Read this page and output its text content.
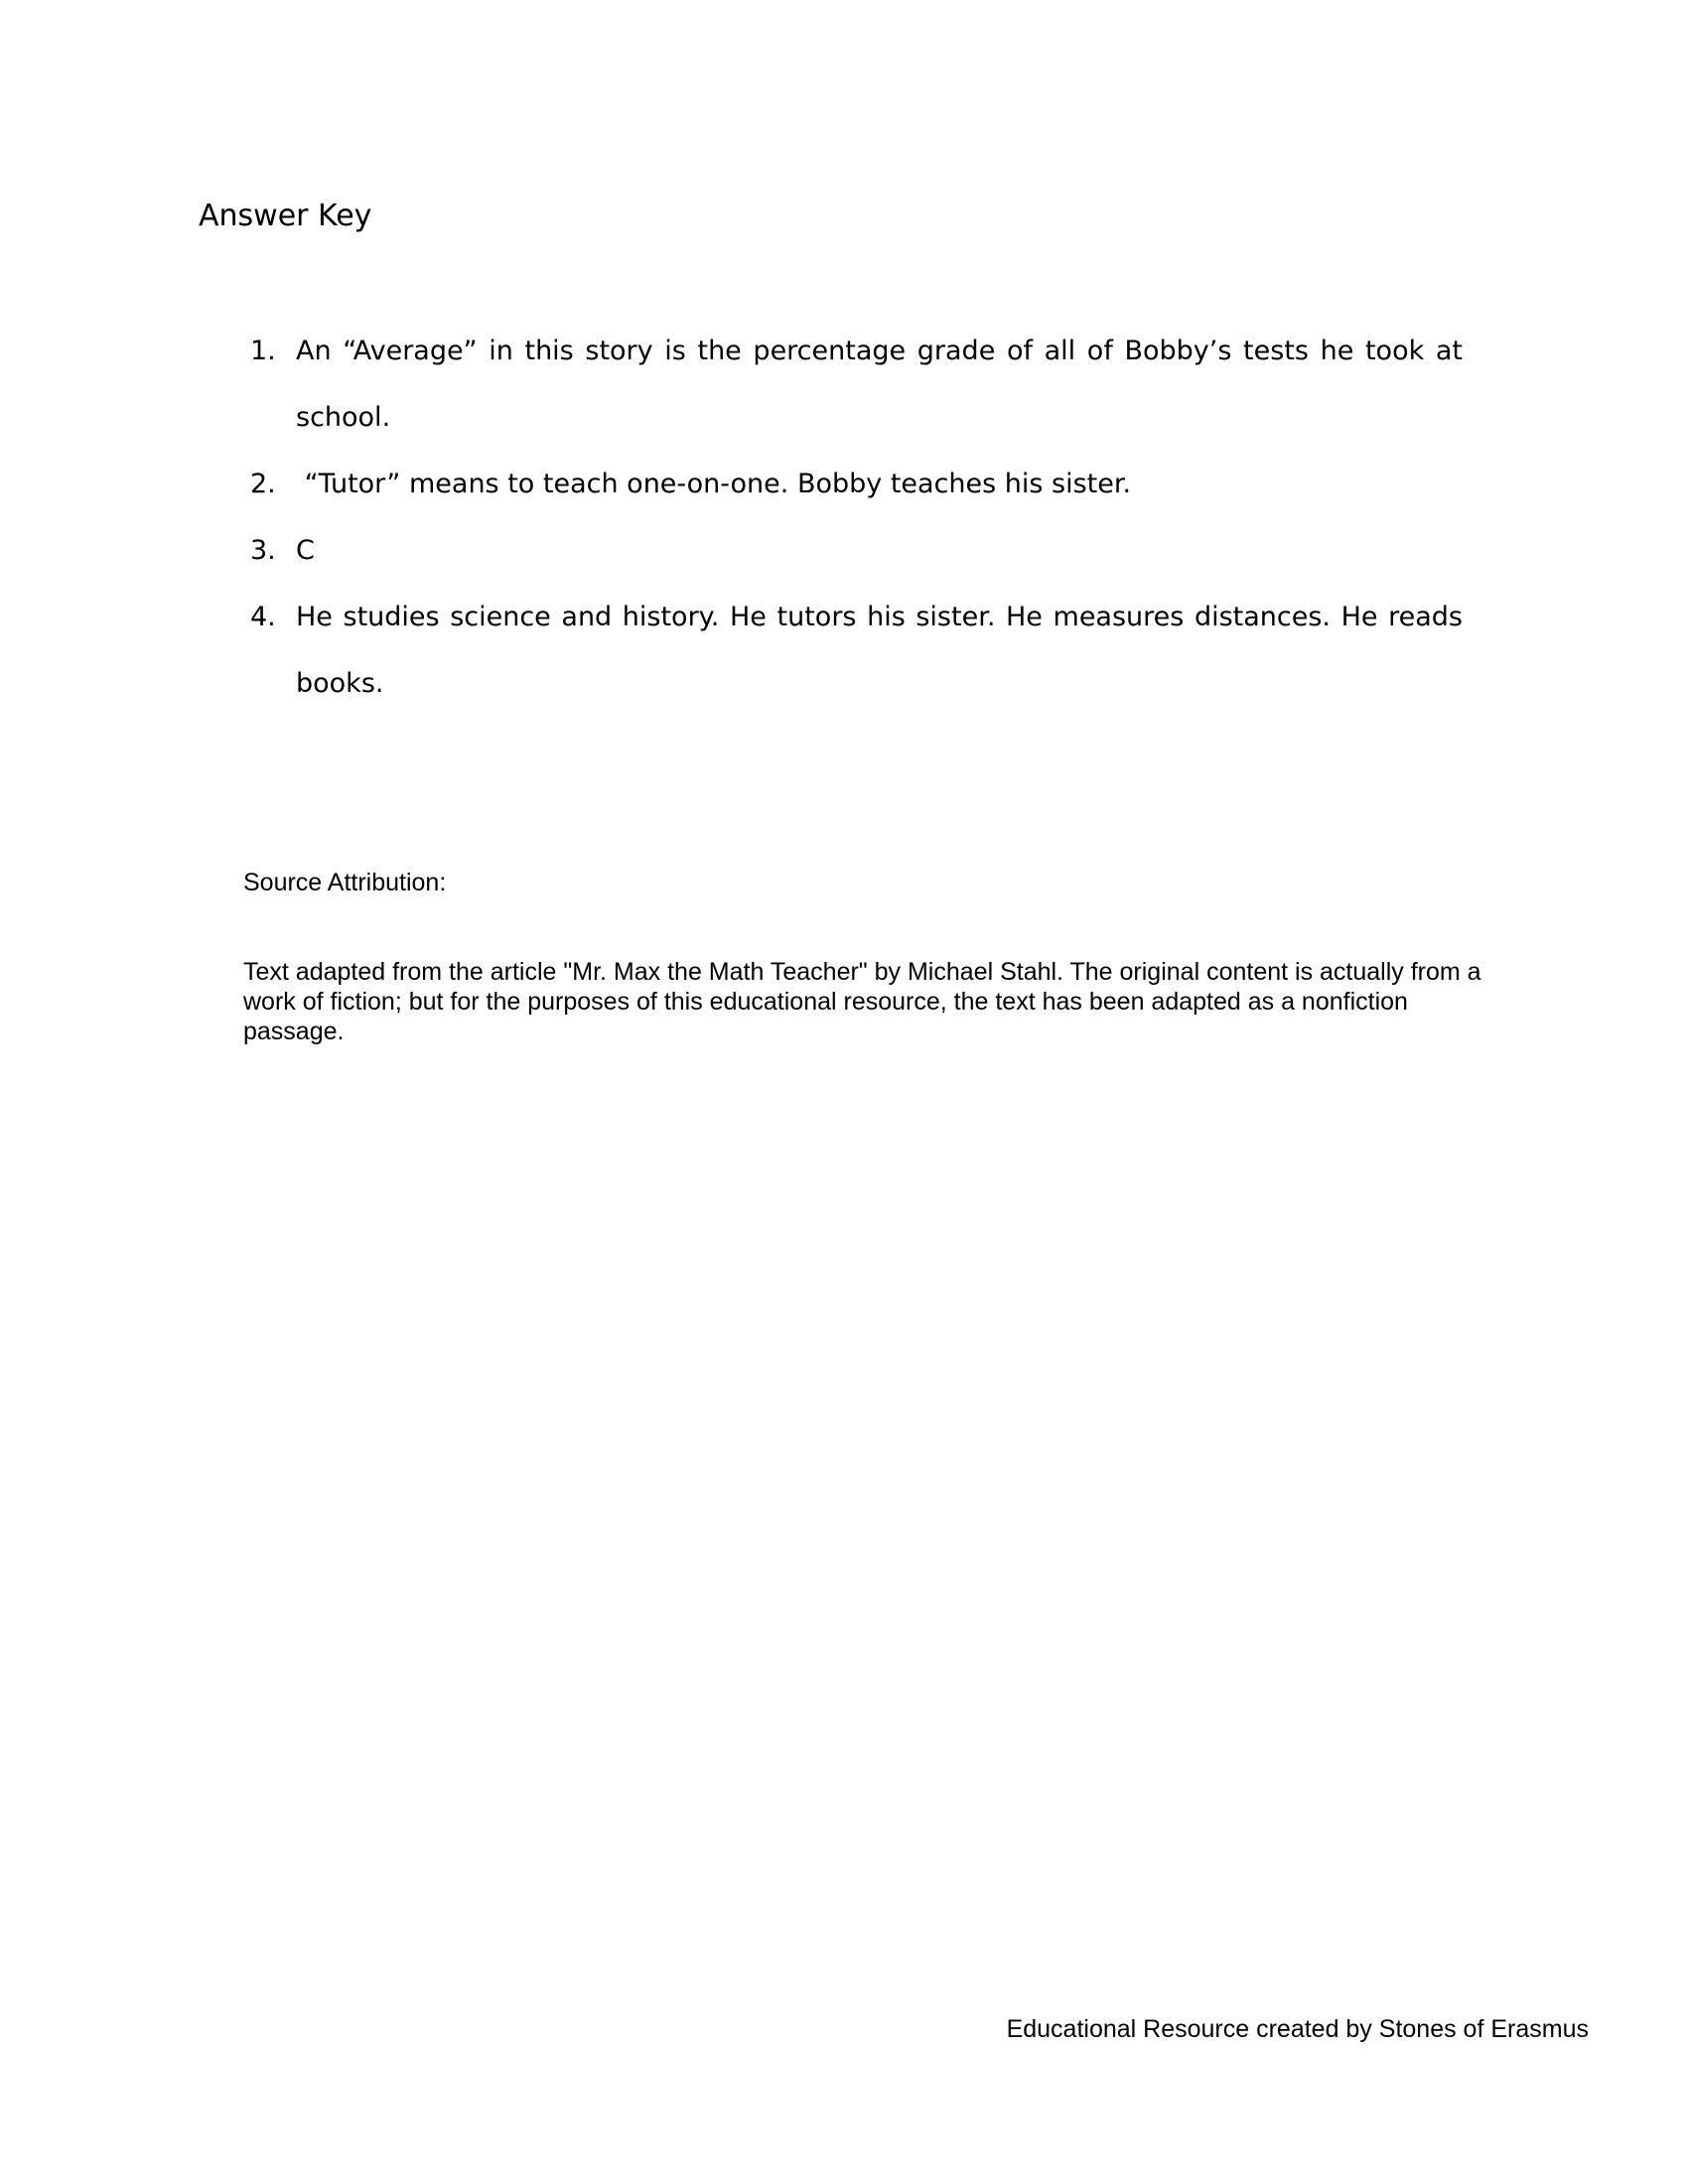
Answer Key
1. An “Average” in this story is the percentage grade of all of Bobby’s tests he took at school.
2. “Tutor” means to teach one-on-one. Bobby teaches his sister.
3. C
4. He studies science and history. He tutors his sister. He measures distances. He reads books.
Source Attribution:
Text adapted from the article "Mr. Max the Math Teacher" by Michael Stahl. The original content is actually from a work of fiction; but for the purposes of this educational resource, the text has been adapted as a nonfiction passage.
Educational Resource created by Stones of Erasmus
